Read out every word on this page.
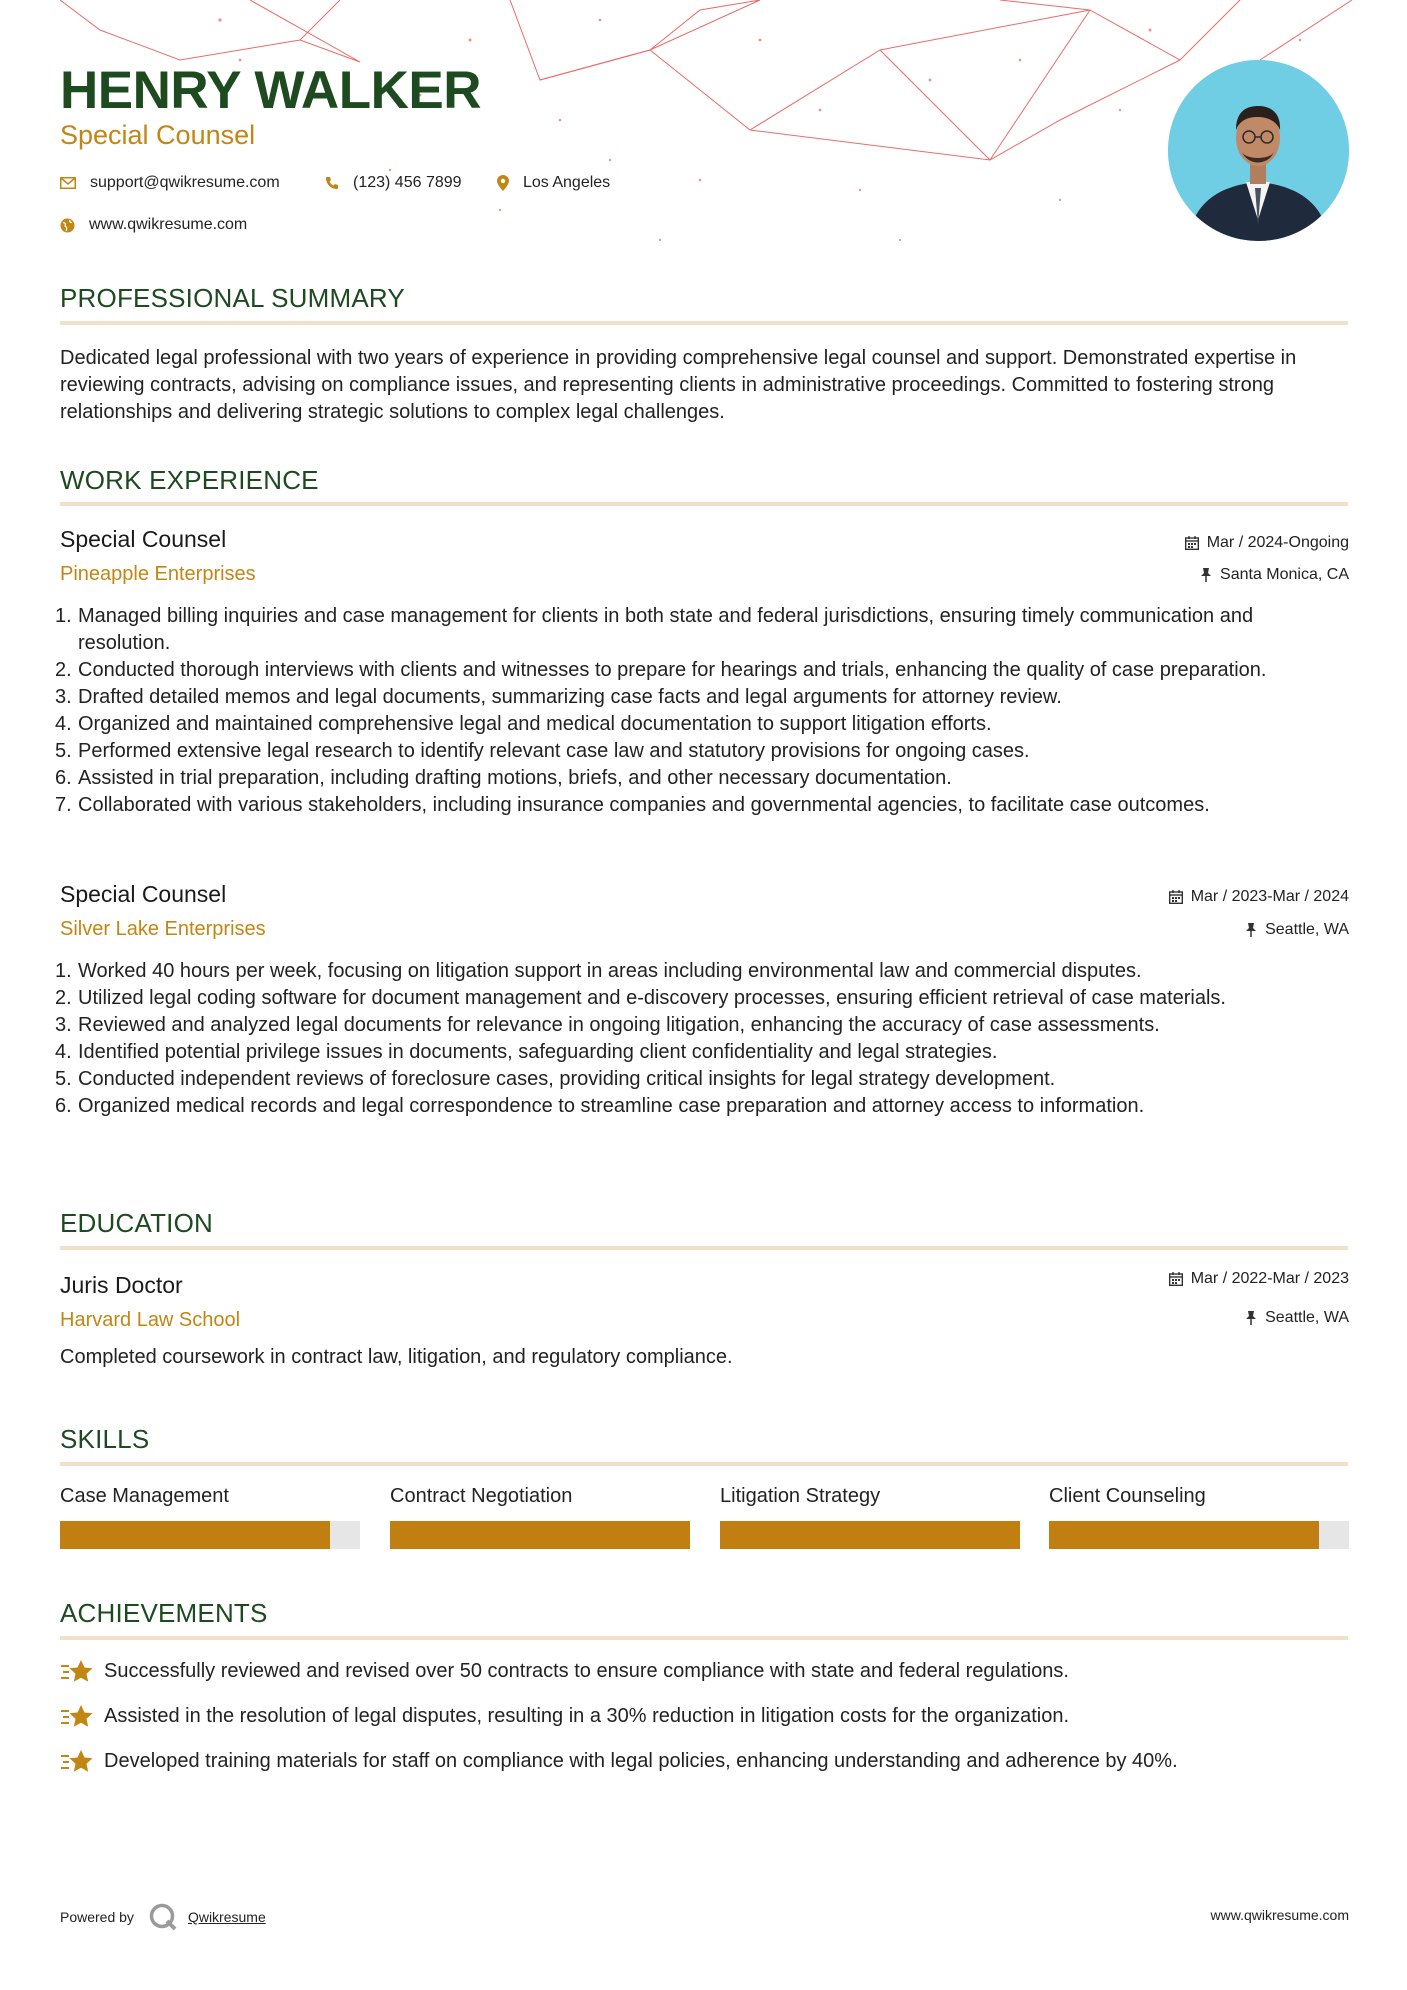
HENRY WALKER
Special Counsel
support@qwikresume.com	(123) 456 7899	Los Angeles
www.qwikresume.com
PROFESSIONAL SUMMARY
Dedicated legal professional with two years of experience in providing comprehensive legal counsel and support. Demonstrated expertise in reviewing contracts, advising on compliance issues, and representing clients in administrative proceedings. Committed to fostering strong relationships and delivering strategic solutions to complex legal challenges.
WORK EXPERIENCE
Special Counsel
Pineapple Enterprises
Mar / 2024-Ongoing
Santa Monica, CA
1. Managed billing inquiries and case management for clients in both state and federal jurisdictions, ensuring timely communication and resolution.
2. Conducted thorough interviews with clients and witnesses to prepare for hearings and trials, enhancing the quality of case preparation.
3. Drafted detailed memos and legal documents, summarizing case facts and legal arguments for attorney review.
4. Organized and maintained comprehensive legal and medical documentation to support litigation efforts.
5. Performed extensive legal research to identify relevant case law and statutory provisions for ongoing cases.
6. Assisted in trial preparation, including drafting motions, briefs, and other necessary documentation.
7. Collaborated with various stakeholders, including insurance companies and governmental agencies, to facilitate case outcomes.
Special Counsel
Silver Lake Enterprises
Mar / 2023-Mar / 2024
Seattle, WA
1. Worked 40 hours per week, focusing on litigation support in areas including environmental law and commercial disputes.
2. Utilized legal coding software for document management and e-discovery processes, ensuring efficient retrieval of case materials.
3. Reviewed and analyzed legal documents for relevance in ongoing litigation, enhancing the accuracy of case assessments.
4. Identified potential privilege issues in documents, safeguarding client confidentiality and legal strategies.
5. Conducted independent reviews of foreclosure cases, providing critical insights for legal strategy development.
6. Organized medical records and legal correspondence to streamline case preparation and attorney access to information.
EDUCATION
Juris Doctor
Harvard Law School
Mar / 2022-Mar / 2023
Seattle, WA
Completed coursework in contract law, litigation, and regulatory compliance.
SKILLS
Case Management	Contract Negotiation	Litigation Strategy	Client Counseling
ACHIEVEMENTS
Successfully reviewed and revised over 50 contracts to ensure compliance with state and federal regulations.
Assisted in the resolution of legal disputes, resulting in a 30% reduction in litigation costs for the organization.
Developed training materials for staff on compliance with legal policies, enhancing understanding and adherence by 40%.
Powered by	Qwikresume	www.qwikresume.com
